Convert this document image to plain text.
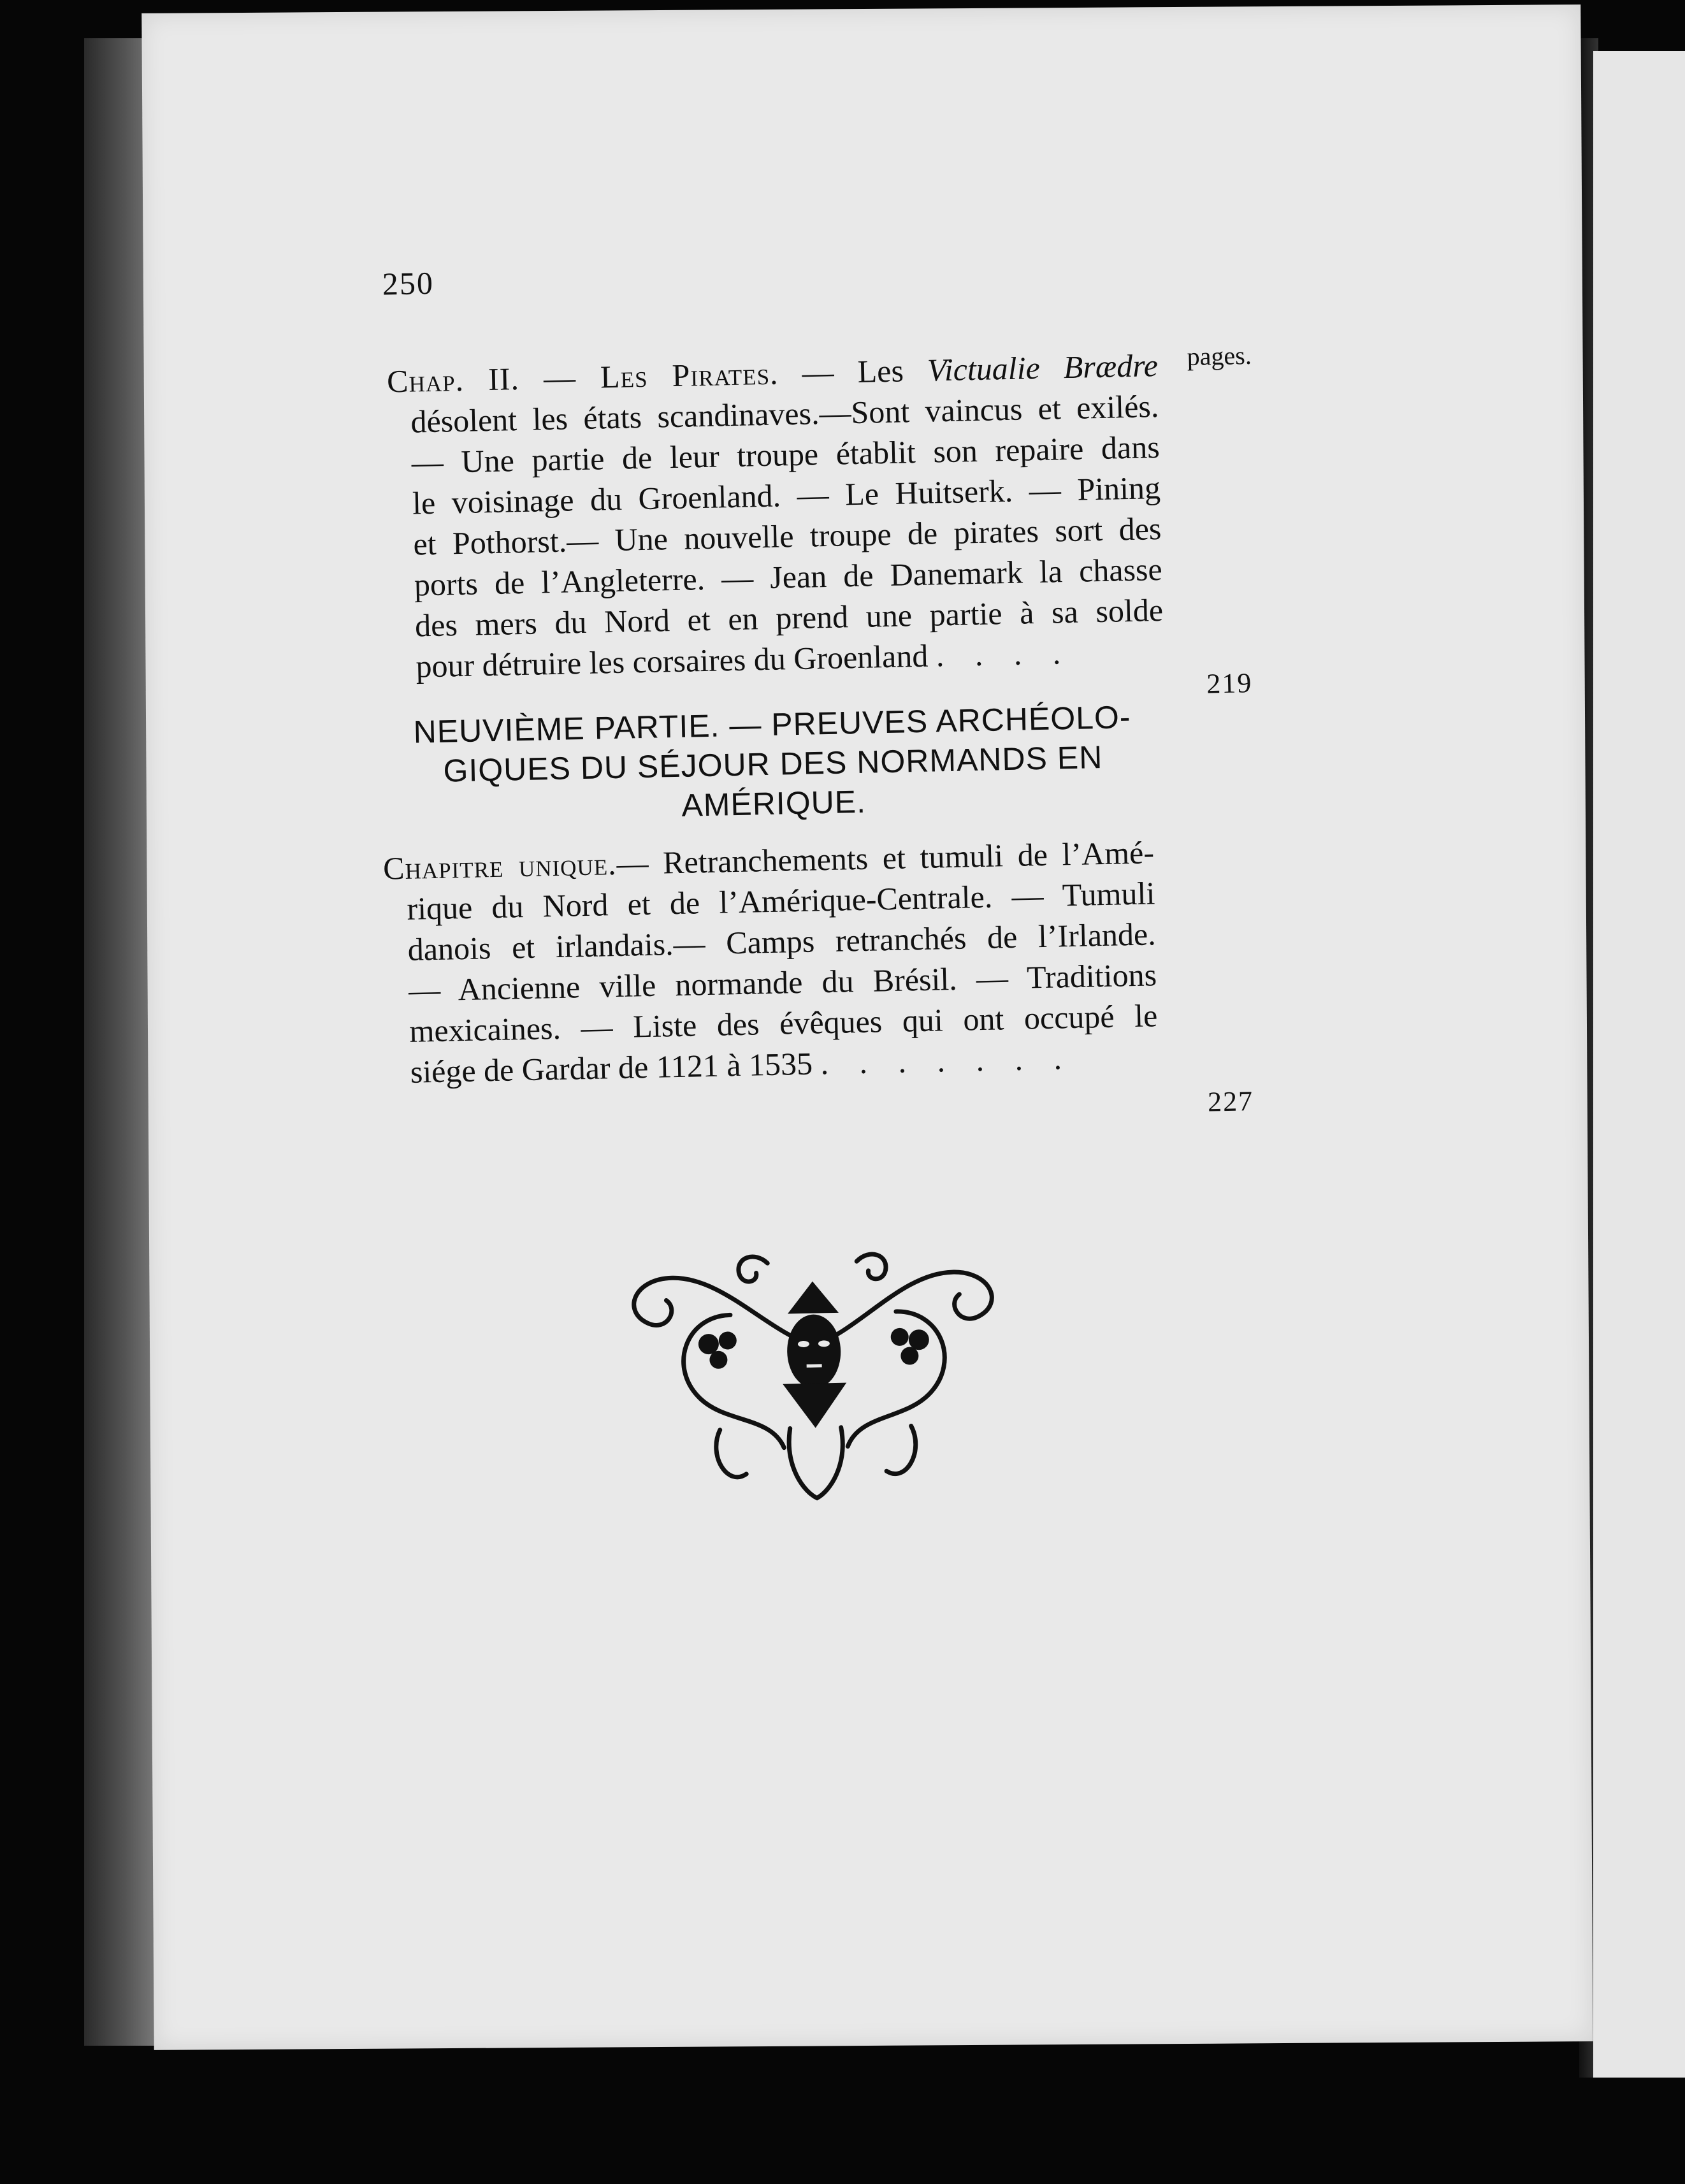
250
pages.
Chap. II. — Les Pirates. — Les Victualie Brædre
désolent les états scandinaves.—Sont vaincus et exilés.
— Une partie de leur troupe établit son repaire dans
le voisinage du Groenland. — Le Huitserk. — Pining
et Pothorst.— Une nouvelle troupe de pirates sort des
ports de l’Angleterre. — Jean de Danemark la chasse
des mers du Nord et en prend une partie à sa solde
pour détruire les corsaires du Groenland . . . .
219
NEUVIÈME PARTIE. — PREUVES ARCHÉOLO-
GIQUES DU SÉJOUR DES NORMANDS EN
AMÉRIQUE.
Chapitre unique.— Retranchements et tumuli de l’Amé-
rique du Nord et de l’Amérique-Centrale. — Tumuli
danois et irlandais.— Camps retranchés de l’Irlande.
— Ancienne ville normande du Brésil. — Traditions
mexicaines. — Liste des évêques qui ont occupé le
siége de Gardar de 1121 à 1535 . . . . . . .
227
